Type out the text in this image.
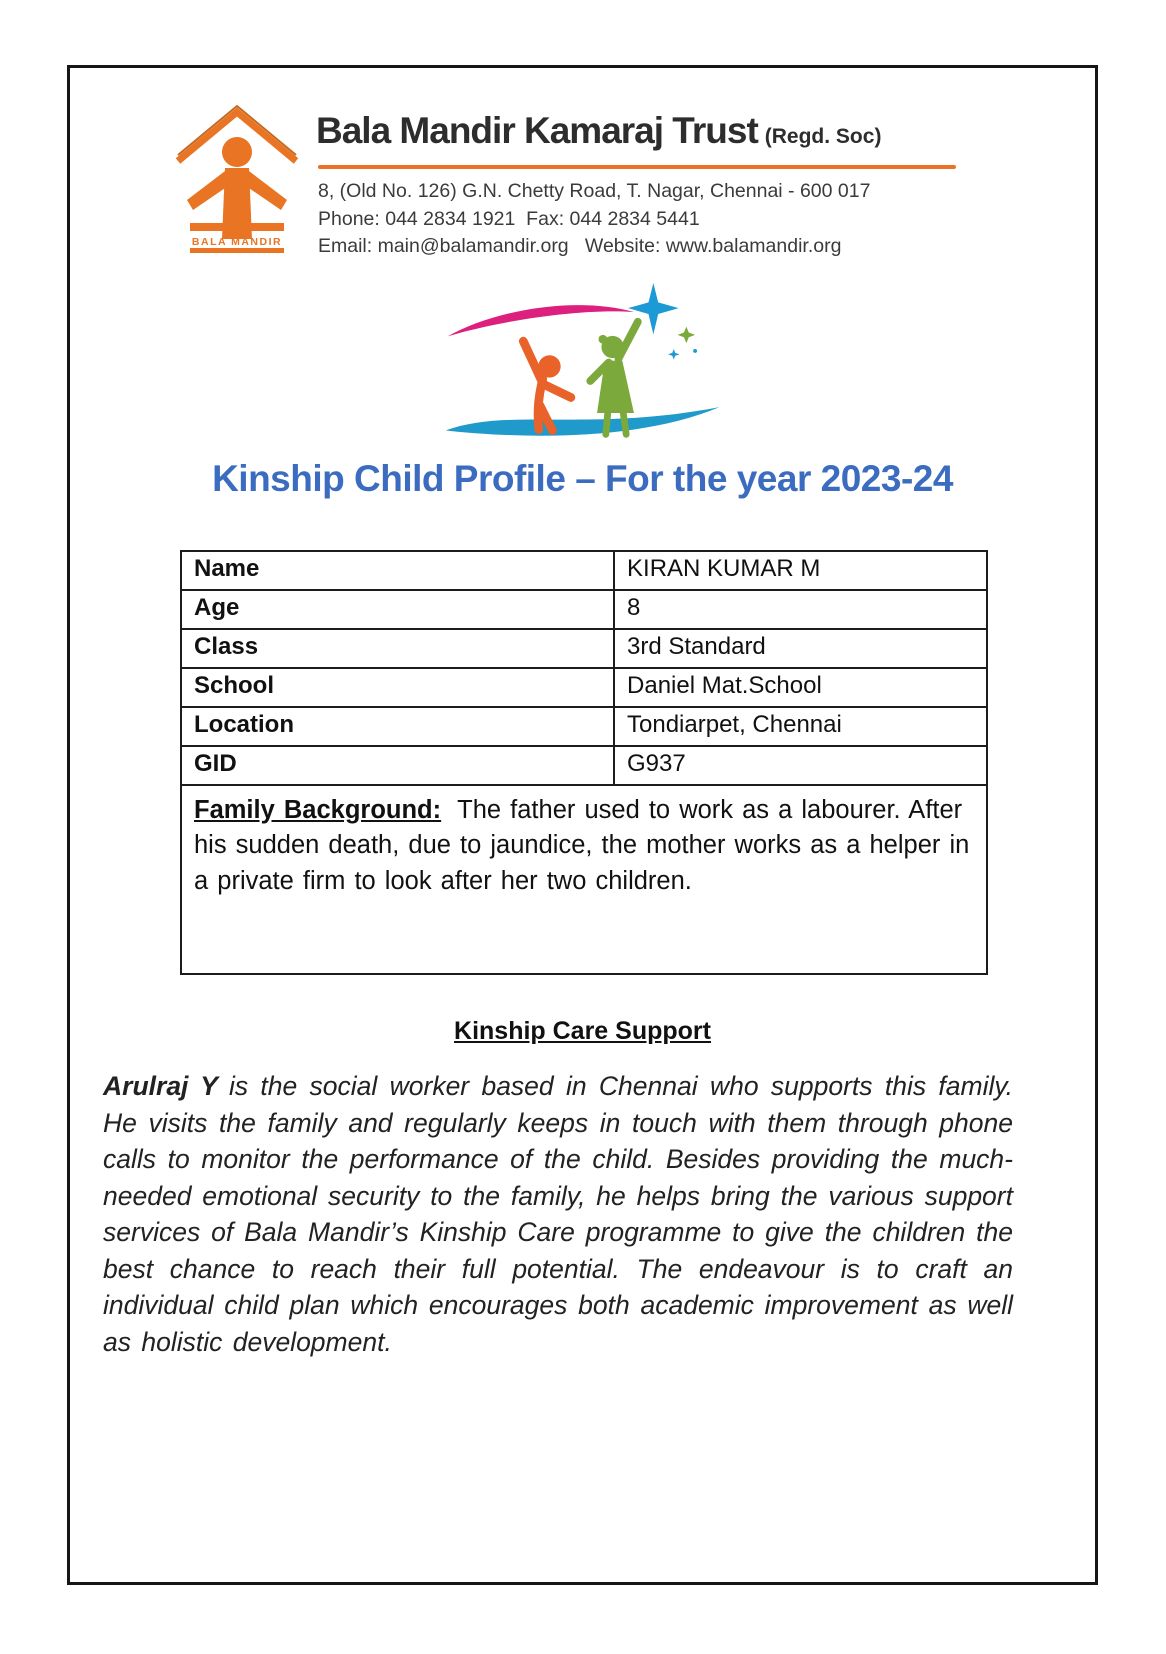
BALA MANDIR
Bala Mandir Kamaraj Trust (Regd. Soc)
8, (Old No. 126) G.N. Chetty Road, T. Nagar, Chennai - 600 017
Phone: 044 2834 1921  Fax: 044 2834 5441
Email: main@balamandir.org   Website: www.balamandir.org
Kinship Child Profile – For the year 2023-24
Name	KIRAN KUMAR M
Age	8
Class	3rd Standard
School	Daniel Mat.School
Location	Tondiarpet, Chennai
GID	G937
Family Background: The father used to work as a labourer. After his sudden death, due to jaundice, the mother works as a helper in a private firm to look after her two children.	
Kinship Care Support

Arulraj Y is the social worker based in Chennai who supports this family. He visits the family and regularly keeps in touch with them through phone calls to monitor the performance of the child. Besides providing the much-needed emotional security to the family, he helps bring the various support services of Bala Mandir’s Kinship Care programme to give the children the best chance to reach their full potential. The endeavour is to craft an individual child plan which encourages both academic improvement as well as holistic development.
